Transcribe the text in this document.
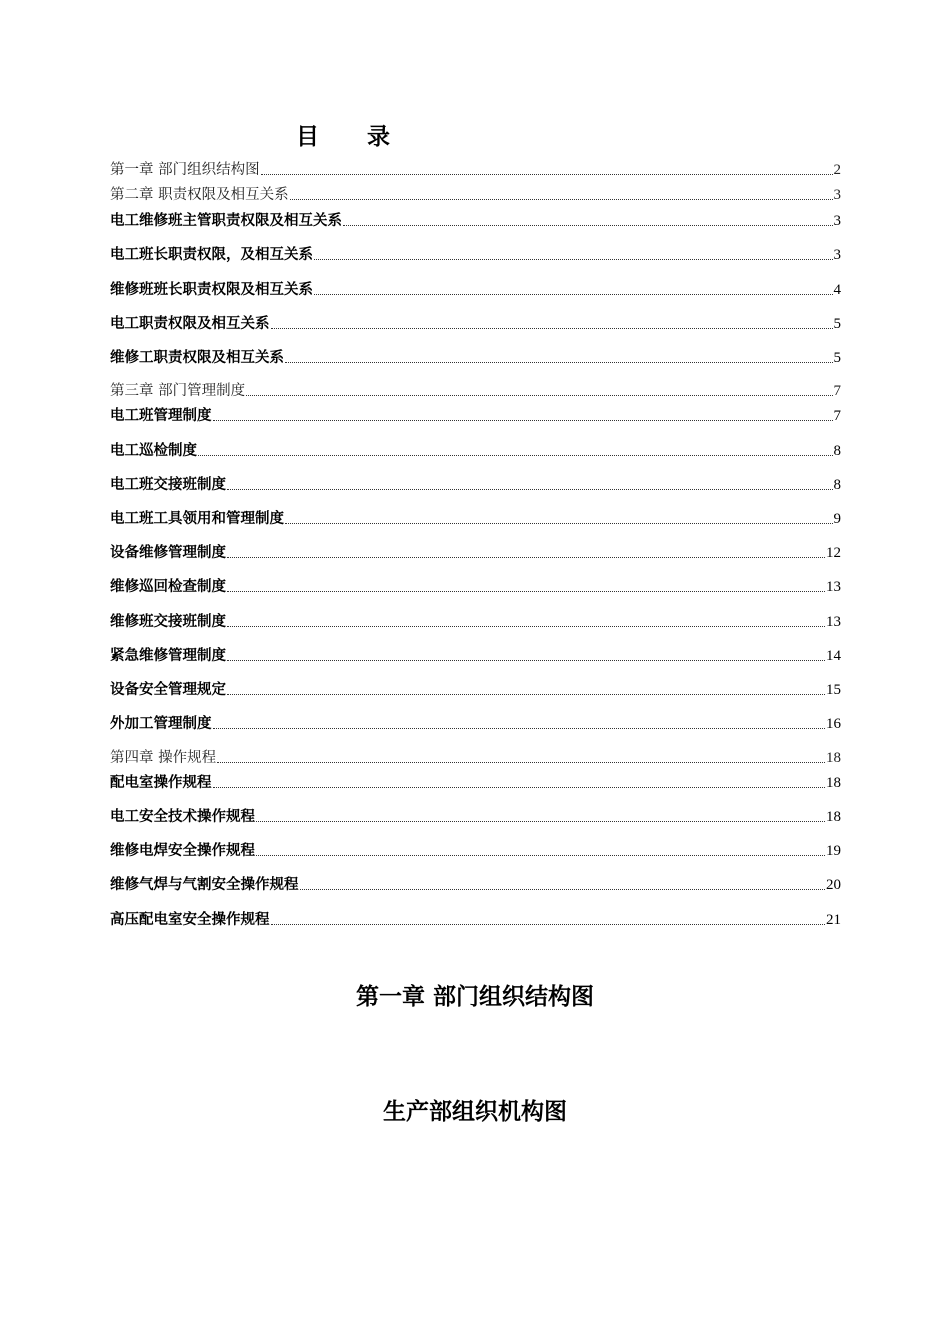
目 录
第一章 部门组织结构图	2
第二章 职责权限及相互关系	3
电工维修班主管职责权限及相互关系	3
电工班长职责权限，及相互关系	3
维修班班长职责权限及相互关系	4
电工职责权限及相互关系	5
维修工职责权限及相互关系	5
第三章 部门管理制度	7
电工班管理制度	7
电工巡检制度	8
电工班交接班制度	8
电工班工具领用和管理制度	9
设备维修管理制度	12
维修巡回检查制度	13
维修班交接班制度	13
紧急维修管理制度	14
设备安全管理规定	15
外加工管理制度	16
第四章 操作规程	18
配电室操作规程	18
电工安全技术操作规程	18
维修电焊安全操作规程	19
维修气焊与气割安全操作规程	20
高压配电室安全操作规程	21
第一章 部门组织结构图
生产部组织机构图
